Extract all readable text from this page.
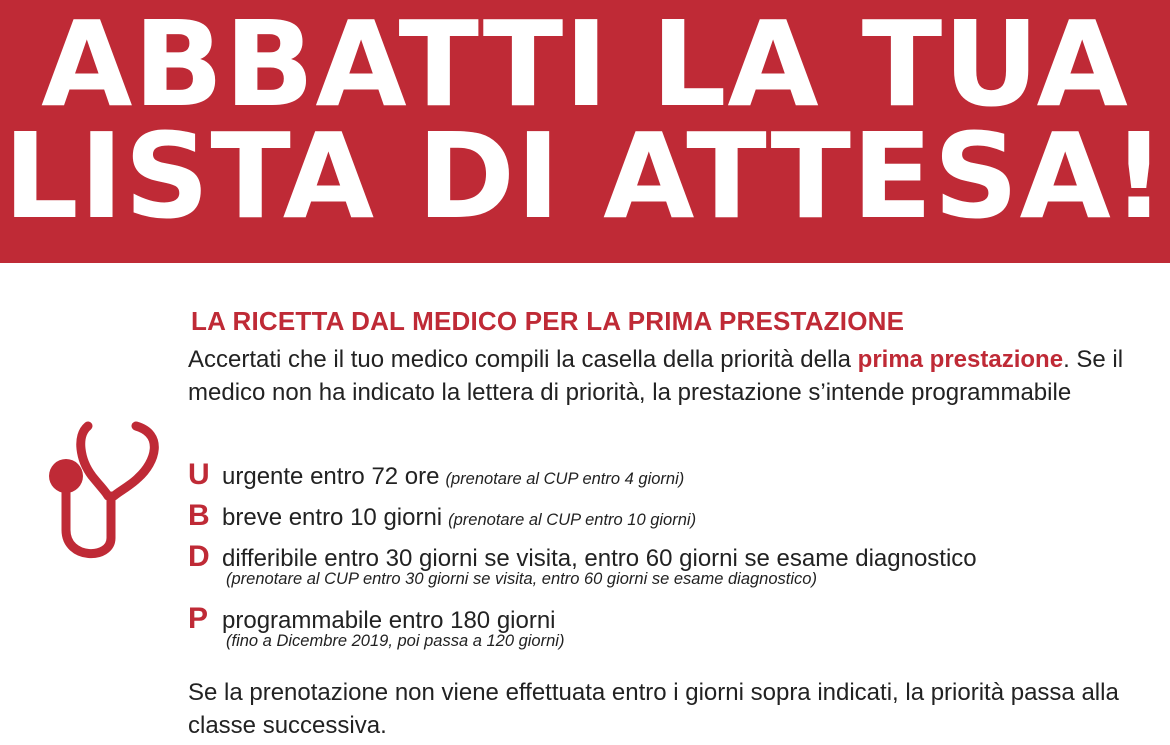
ABBATTI LA TUA
LISTA DI ATTESA!
LA RICETTA DAL MEDICO PER LA PRIMA PRESTAZIONE

Accertati che il tuo medico compili la casella della priorità della prima prestazione. Se il medico non ha indicato la lettera di priorità, la prestazione s’intende programmabile

U urgente entro 72 ore (prenotare al CUP entro 4 giorni)
B breve entro 10 giorni (prenotare al CUP entro 10 giorni)
D differibile entro 30 giorni se visita, entro 60 giorni se esame diagnostico
(prenotare al CUP entro 30 giorni se visita, entro 60 giorni se esame diagnostico)
P programmabile entro 180 giorni
(fino a Dicembre 2019, poi passa a 120 giorni)

Se la prenotazione non viene effettuata entro i giorni sopra indicati, la priorità passa alla classe successiva.
